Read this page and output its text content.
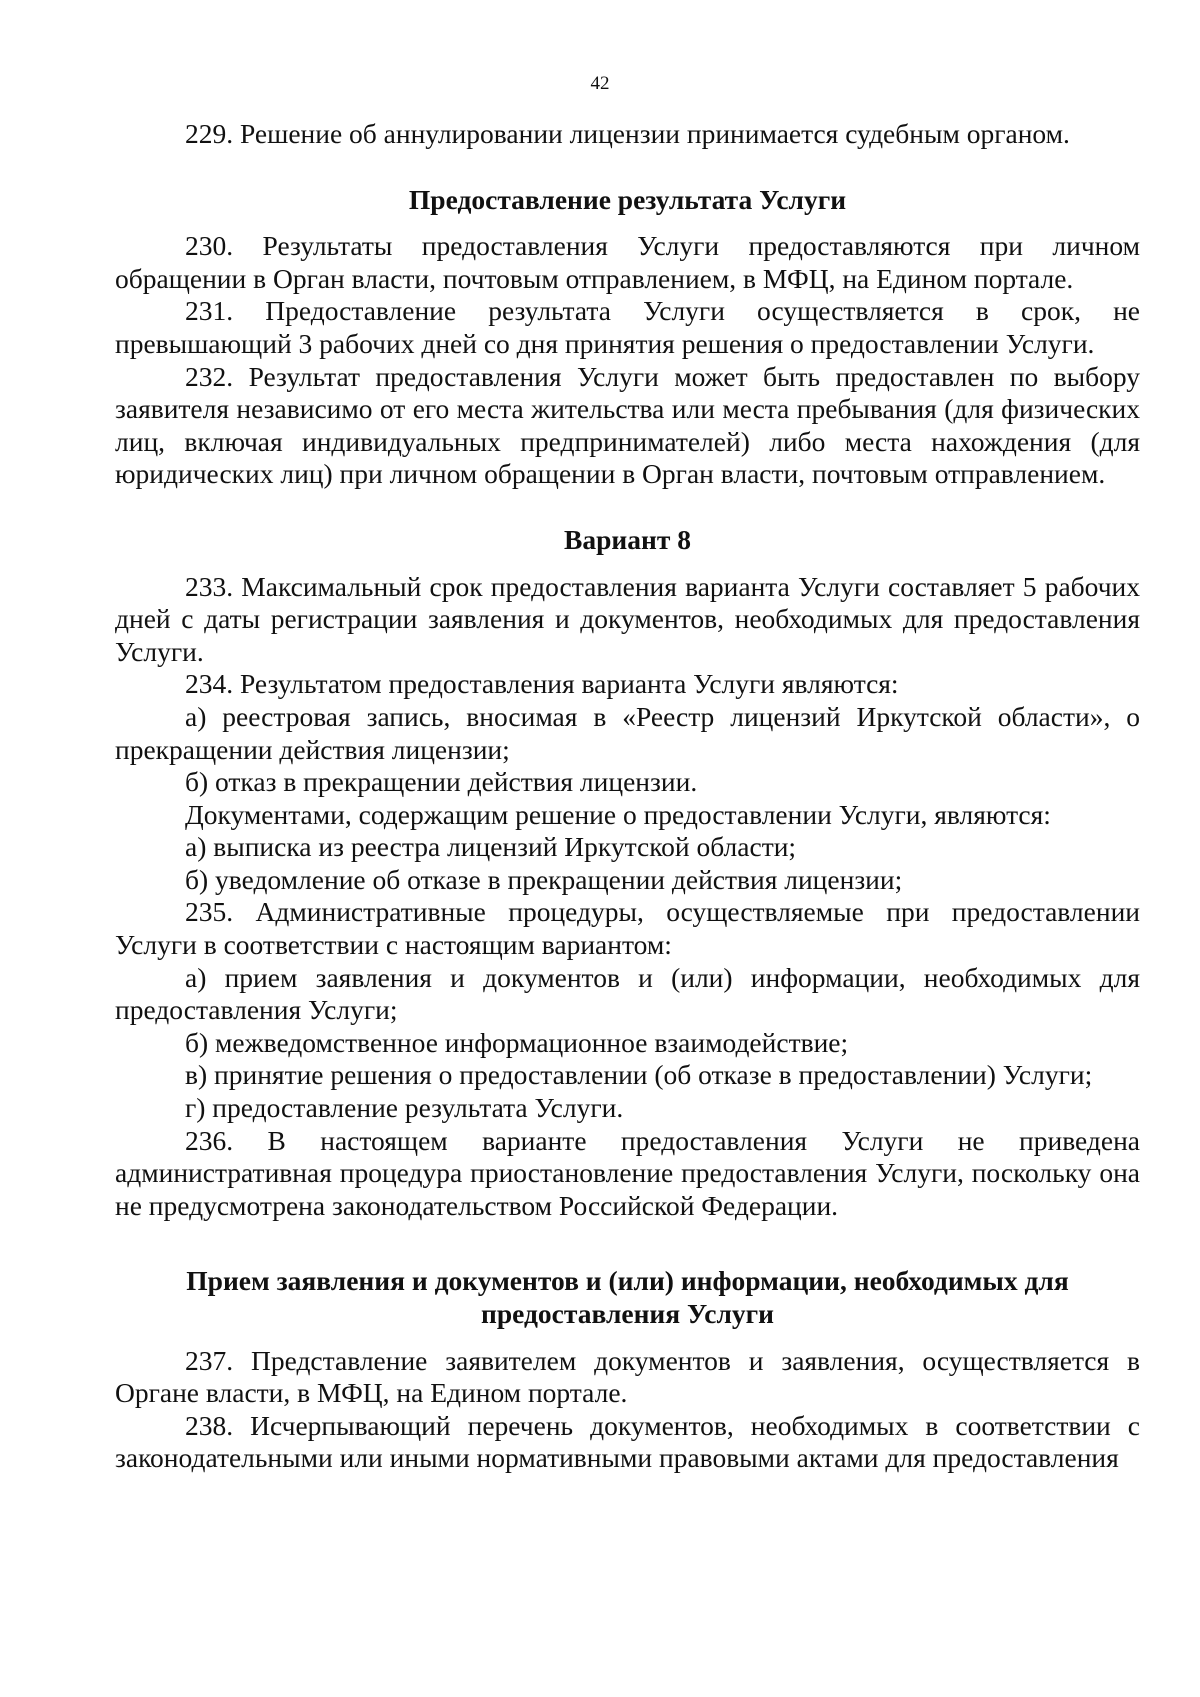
42

229. Решение об аннулировании лицензии принимается судебным органом.

Предоставление результата Услуги

230. Результаты предоставления Услуги предоставляются при личном обращении в Орган власти, почтовым отправлением, в МФЦ, на Едином портале.

231. Предоставление результата Услуги осуществляется в срок, не превышающий 3 рабочих дней со дня принятия решения о предоставлении Услуги.

232. Результат предоставления Услуги может быть предоставлен по выбору заявителя независимо от его места жительства или места пребывания (для физических лиц, включая индивидуальных предпринимателей) либо места нахождения (для юридических лиц) при личном обращении в Орган власти, почтовым отправлением.

Вариант 8

233. Максимальный срок предоставления варианта Услуги составляет 5 рабочих дней с даты регистрации заявления и документов, необходимых для предоставления Услуги.

234. Результатом предоставления варианта Услуги являются:

а) реестровая запись, вносимая в «Реестр лицензий Иркутской области», о прекращении действия лицензии;

б) отказ в прекращении действия лицензии.

Документами, содержащим решение о предоставлении Услуги, являются:

а) выписка из реестра лицензий Иркутской области;

б) уведомление об отказе в прекращении действия лицензии;

235. Административные процедуры, осуществляемые при предоставлении Услуги в соответствии с настоящим вариантом:

а) прием заявления и документов и (или) информации, необходимых для предоставления Услуги;

б) межведомственное информационное взаимодействие;

в) принятие решения о предоставлении (об отказе в предоставлении) Услуги;

г) предоставление результата Услуги.

236. В настоящем варианте предоставления Услуги не приведена административная процедура приостановление предоставления Услуги, поскольку она не предусмотрена законодательством Российской Федерации.

Прием заявления и документов и (или) информации, необходимых для

предоставления Услуги

237. Представление заявителем документов и заявления, осуществляется в Органе власти, в МФЦ, на Едином портале.

238. Исчерпывающий перечень документов, необходимых в соответствии с законодательными или иными нормативными правовыми актами для предоставления
